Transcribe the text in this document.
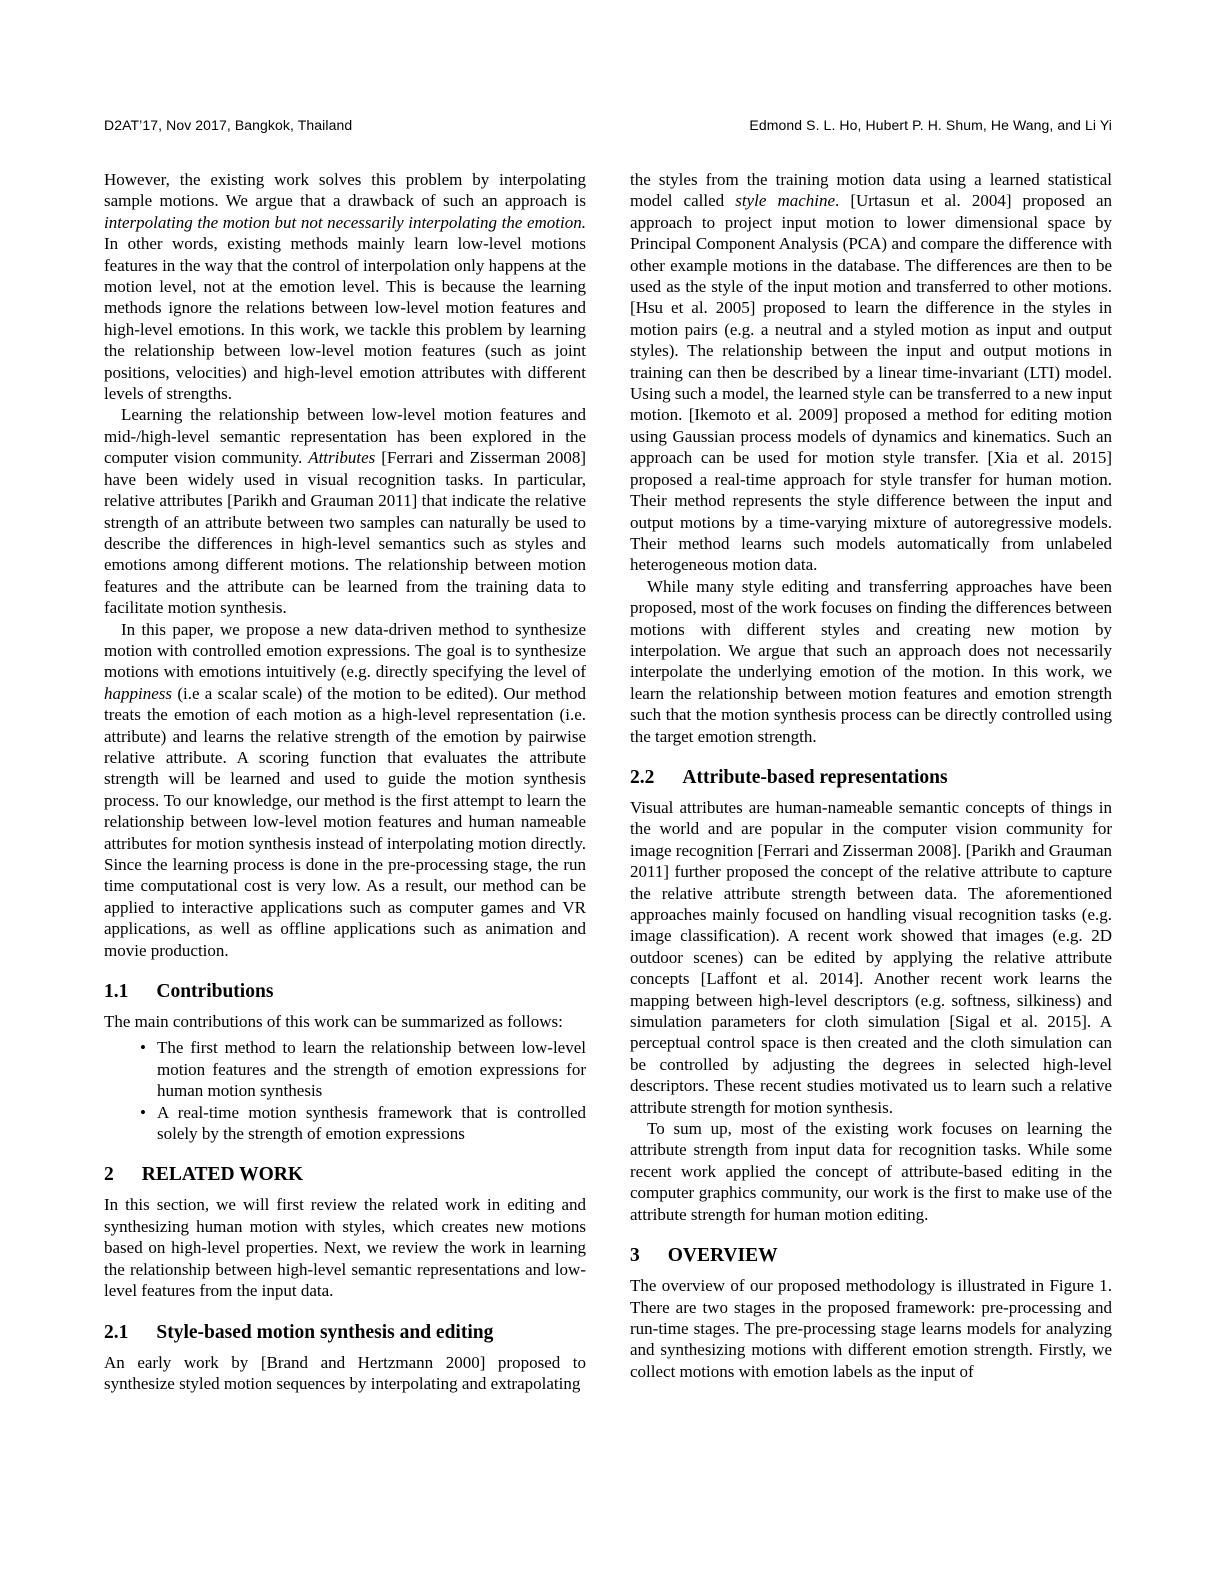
D2AT’17, Nov 2017, Bangkok, Thailand	Edmond S. L. Ho, Hubert P. H. Shum, He Wang, and Li Yi

However, the existing work solves this problem by interpolating sample motions. We argue that a drawback of such an approach is interpolating the motion but not necessarily interpolating the emotion. In other words, existing methods mainly learn low-level motions features in the way that the control of interpolation only happens at the motion level, not at the emotion level. This is because the learning methods ignore the relations between low-level motion features and high-level emotions. In this work, we tackle this problem by learning the relationship between low-level motion features (such as joint positions, velocities) and high-level emotion attributes with different levels of strengths.

Learning the relationship between low-level motion features and mid-/high-level semantic representation has been explored in the computer vision community. Attributes [Ferrari and Zisserman 2008] have been widely used in visual recognition tasks. In particular, relative attributes [Parikh and Grauman 2011] that indicate the relative strength of an attribute between two samples can naturally be used to describe the differences in high-level semantics such as styles and emotions among different motions. The relationship between motion features and the attribute can be learned from the training data to facilitate motion synthesis.

In this paper, we propose a new data-driven method to synthesize motion with controlled emotion expressions. The goal is to synthesize motions with emotions intuitively (e.g. directly specifying the level of happiness (i.e a scalar scale) of the motion to be edited). Our method treats the emotion of each motion as a high-level representation (i.e. attribute) and learns the relative strength of the emotion by pairwise relative attribute. A scoring function that evaluates the attribute strength will be learned and used to guide the motion synthesis process. To our knowledge, our method is the first attempt to learn the relationship between low-level motion features and human nameable attributes for motion synthesis instead of interpolating motion directly. Since the learning process is done in the pre-processing stage, the run time computational cost is very low. As a result, our method can be applied to interactive applications such as computer games and VR applications, as well as offline applications such as animation and movie production.

1.1 Contributions

The main contributions of this work can be summarized as follows:

• The first method to learn the relationship between low-level motion features and the strength of emotion expressions for human motion synthesis
• A real-time motion synthesis framework that is controlled solely by the strength of emotion expressions
2 RELATED WORK

In this section, we will first review the related work in editing and synthesizing human motion with styles, which creates new motions based on high-level properties. Next, we review the work in learning the relationship between high-level semantic representations and low-level features from the input data.

2.1 Style-based motion synthesis and editing

An early work by [Brand and Hertzmann 2000] proposed to synthesize styled motion sequences by interpolating and extrapolating

the styles from the training motion data using a learned statistical model called style machine. [Urtasun et al. 2004] proposed an approach to project input motion to lower dimensional space by Principal Component Analysis (PCA) and compare the difference with other example motions in the database. The differences are then to be used as the style of the input motion and transferred to other motions. [Hsu et al. 2005] proposed to learn the difference in the styles in motion pairs (e.g. a neutral and a styled motion as input and output styles). The relationship between the input and output motions in training can then be described by a linear time-invariant (LTI) model. Using such a model, the learned style can be transferred to a new input motion. [Ikemoto et al. 2009] proposed a method for editing motion using Gaussian process models of dynamics and kinematics. Such an approach can be used for motion style transfer. [Xia et al. 2015] proposed a real-time approach for style transfer for human motion. Their method represents the style difference between the input and output motions by a time-varying mixture of autoregressive models. Their method learns such models automatically from unlabeled heterogeneous motion data.

While many style editing and transferring approaches have been proposed, most of the work focuses on finding the differences between motions with different styles and creating new motion by interpolation. We argue that such an approach does not necessarily interpolate the underlying emotion of the motion. In this work, we learn the relationship between motion features and emotion strength such that the motion synthesis process can be directly controlled using the target emotion strength.

2.2 Attribute-based representations

Visual attributes are human-nameable semantic concepts of things in the world and are popular in the computer vision community for image recognition [Ferrari and Zisserman 2008]. [Parikh and Grauman 2011] further proposed the concept of the relative attribute to capture the relative attribute strength between data. The aforementioned approaches mainly focused on handling visual recognition tasks (e.g. image classification). A recent work showed that images (e.g. 2D outdoor scenes) can be edited by applying the relative attribute concepts [Laffont et al. 2014]. Another recent work learns the mapping between high-level descriptors (e.g. softness, silkiness) and simulation parameters for cloth simulation [Sigal et al. 2015]. A perceptual control space is then created and the cloth simulation can be controlled by adjusting the degrees in selected high-level descriptors. These recent studies motivated us to learn such a relative attribute strength for motion synthesis.

To sum up, most of the existing work focuses on learning the attribute strength from input data for recognition tasks. While some recent work applied the concept of attribute-based editing in the computer graphics community, our work is the first to make use of the attribute strength for human motion editing.

3 OVERVIEW

The overview of our proposed methodology is illustrated in Figure 1. There are two stages in the proposed framework: pre-processing and run-time stages. The pre-processing stage learns models for analyzing and synthesizing motions with different emotion strength. Firstly, we collect motions with emotion labels as the input of
